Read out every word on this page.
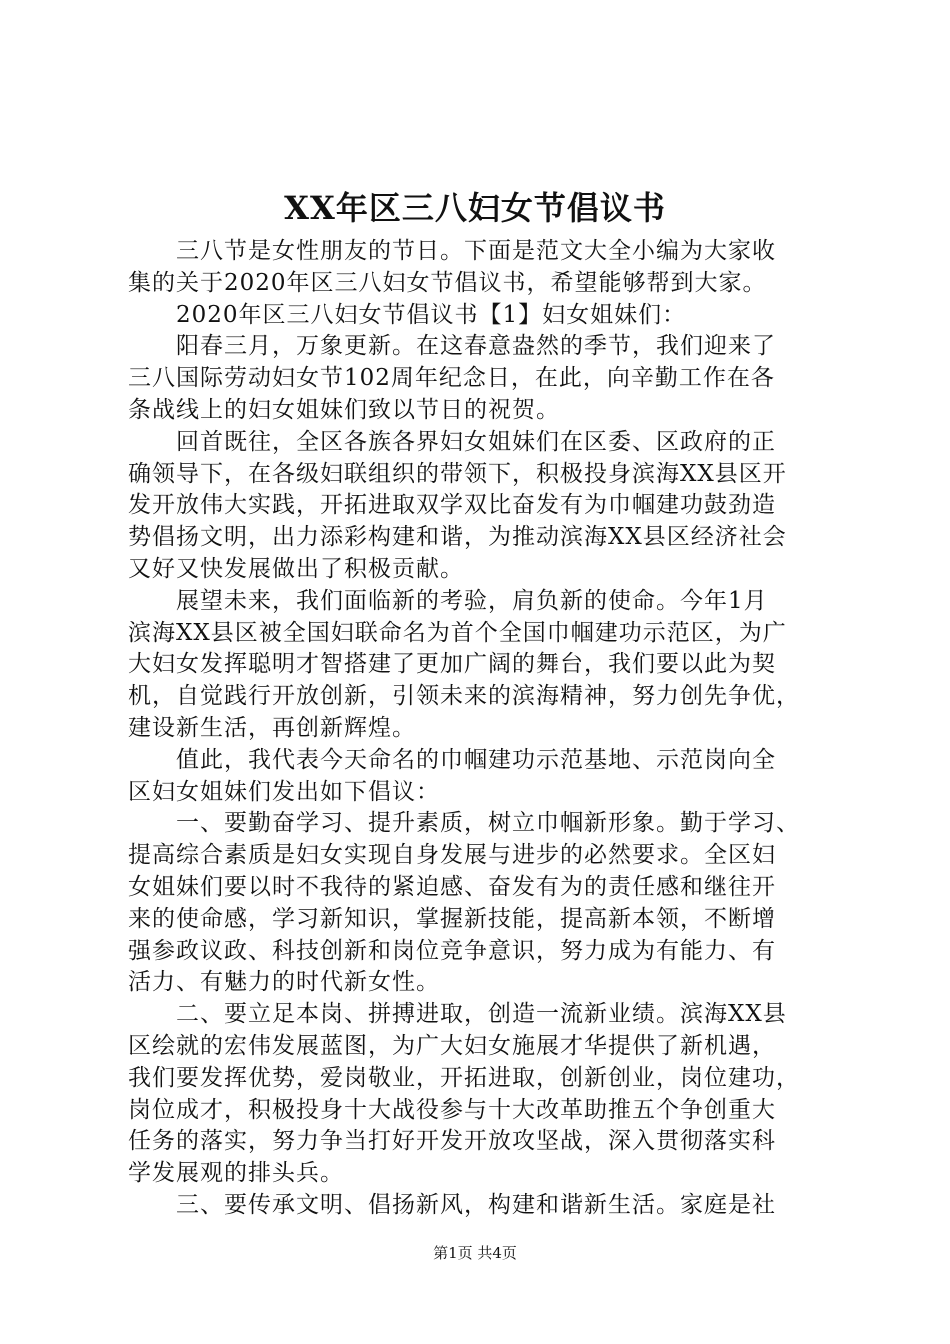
XX年区三八妇女节倡议书
　　三八节是女性朋友的节日。下面是范文大全小编为大家收
集的关于2020年区三八妇女节倡议书，希望能够帮到大家。
　　2020年区三八妇女节倡议书【1】妇女姐妹们：
　　阳春三月，万象更新。在这春意盎然的季节，我们迎来了
三八国际劳动妇女节102周年纪念日，在此，向辛勤工作在各
条战线上的妇女姐妹们致以节日的祝贺。
　　回首既往，全区各族各界妇女姐妹们在区委、区政府的正
确领导下，在各级妇联组织的带领下，积极投身滨海XX县区开
发开放伟大实践，开拓进取双学双比奋发有为巾帼建功鼓劲造
势倡扬文明，出力添彩构建和谐，为推动滨海XX县区经济社会
又好又快发展做出了积极贡献。
　　展望未来，我们面临新的考验，肩负新的使命。今年1月
滨海XX县区被全国妇联命名为首个全国巾帼建功示范区，为广
大妇女发挥聪明才智搭建了更加广阔的舞台，我们要以此为契
机，自觉践行开放创新，引领未来的滨海精神，努力创先争优，
建设新生活，再创新辉煌。
　　值此，我代表今天命名的巾帼建功示范基地、示范岗向全
区妇女姐妹们发出如下倡议：
　　一、要勤奋学习、提升素质，树立巾帼新形象。勤于学习、
提高综合素质是妇女实现自身发展与进步的必然要求。全区妇
女姐妹们要以时不我待的紧迫感、奋发有为的责任感和继往开
来的使命感，学习新知识，掌握新技能，提高新本领，不断增
强参政议政、科技创新和岗位竞争意识，努力成为有能力、有
活力、有魅力的时代新女性。
　　二、要立足本岗、拼搏进取，创造一流新业绩。滨海XX县
区绘就的宏伟发展蓝图，为广大妇女施展才华提供了新机遇，
我们要发挥优势，爱岗敬业，开拓进取，创新创业，岗位建功，
岗位成才，积极投身十大战役参与十大改革助推五个争创重大
任务的落实，努力争当打好开发开放攻坚战，深入贯彻落实科
学发展观的排头兵。
　　三、要传承文明、倡扬新风，构建和谐新生活。家庭是社
第1页 共4页
